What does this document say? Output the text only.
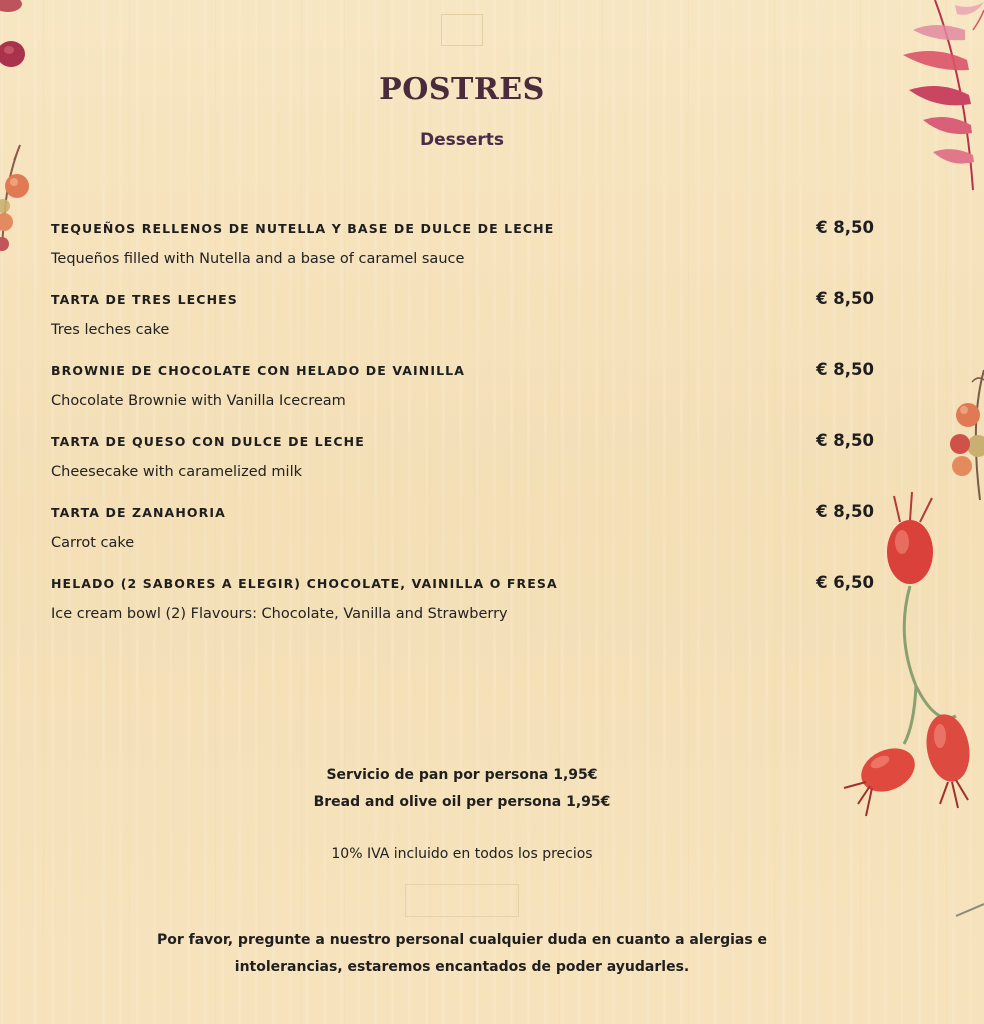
POSTRES
Desserts
TEQUEÑOS RELLENOS DE NUTELLA Y BASE DE DULCE DE LECHE	€ 8,50
Tequeños filled with Nutella and a base of caramel sauce
TARTA DE TRES LECHES	€ 8,50
Tres leches cake
BROWNIE DE CHOCOLATE CON HELADO DE VAINILLA	€ 8,50
Chocolate Brownie with Vanilla Icecream
TARTA DE QUESO CON DULCE DE LECHE	€ 8,50
Cheesecake with caramelized milk
TARTA DE ZANAHORIA	€ 8,50
Carrot cake
HELADO (2 SABORES A ELEGIR) CHOCOLATE, VAINILLA O FRESA	€ 6,50
Ice cream bowl (2) Flavours: Chocolate, Vanilla and Strawberry
Servicio de pan por persona 1,95€
Bread and olive oil per persona 1,95€
10% IVA incluido en todos los precios
Por favor, pregunte a nuestro personal cualquier duda en cuanto a alergias e
intolerancias, estaremos encantados de poder ayudarles.
